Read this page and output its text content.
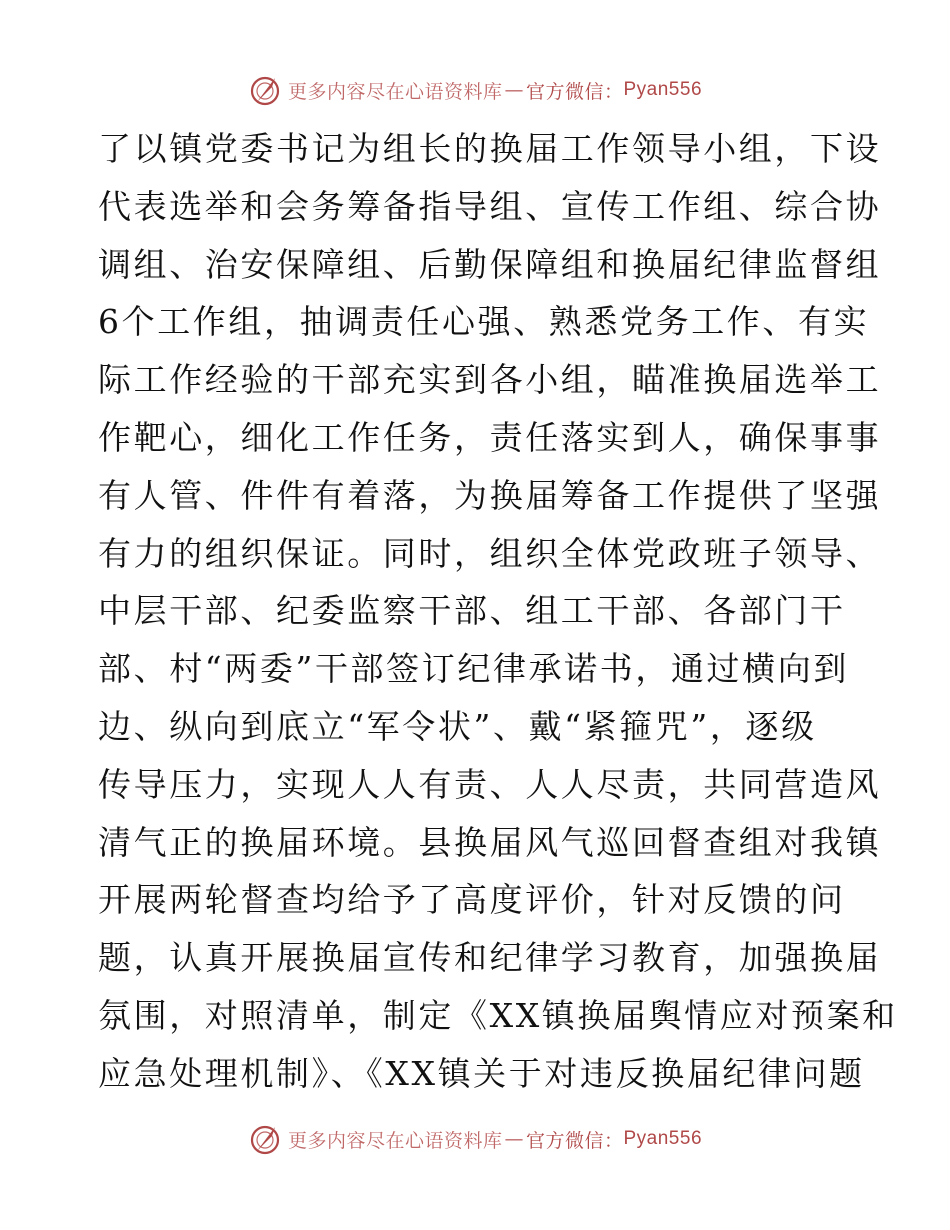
更多内容尽在心语资料库 — 官方微信： Pyan556
了以镇党委书记为组长的换届工作领导小组，下设
代表选举和会务筹备指导组、宣传工作组、综合协
调组、治安保障组、后勤保障组和换届纪律监督组
6个工作组，抽调责任心强、熟悉党务工作、有实
际工作经验的干部充实到各小组，瞄准换届选举工
作靶心，细化工作任务，责任落实到人，确保事事
有人管、件件有着落，为换届筹备工作提供了坚强
有力的组织保证。同时，组织全体党政班子领导、
中层干部、纪委监察干部、组工干部、各部门干
部、村“两委”干部签订纪律承诺书，通过横向到
边、纵向到底立“军令状”、戴“紧箍咒”，逐级
传导压力，实现人人有责、人人尽责，共同营造风
清气正的换届环境。县换届风气巡回督查组对我镇
开展两轮督查均给予了高度评价，针对反馈的问
题，认真开展换届宣传和纪律学习教育，加强换届
氛围，对照清单，制定《XX镇换届舆情应对预案和
应急处理机制》、《XX镇关于对违反换届纪律问题
更多内容尽在心语资料库 — 官方微信： Pyan556
